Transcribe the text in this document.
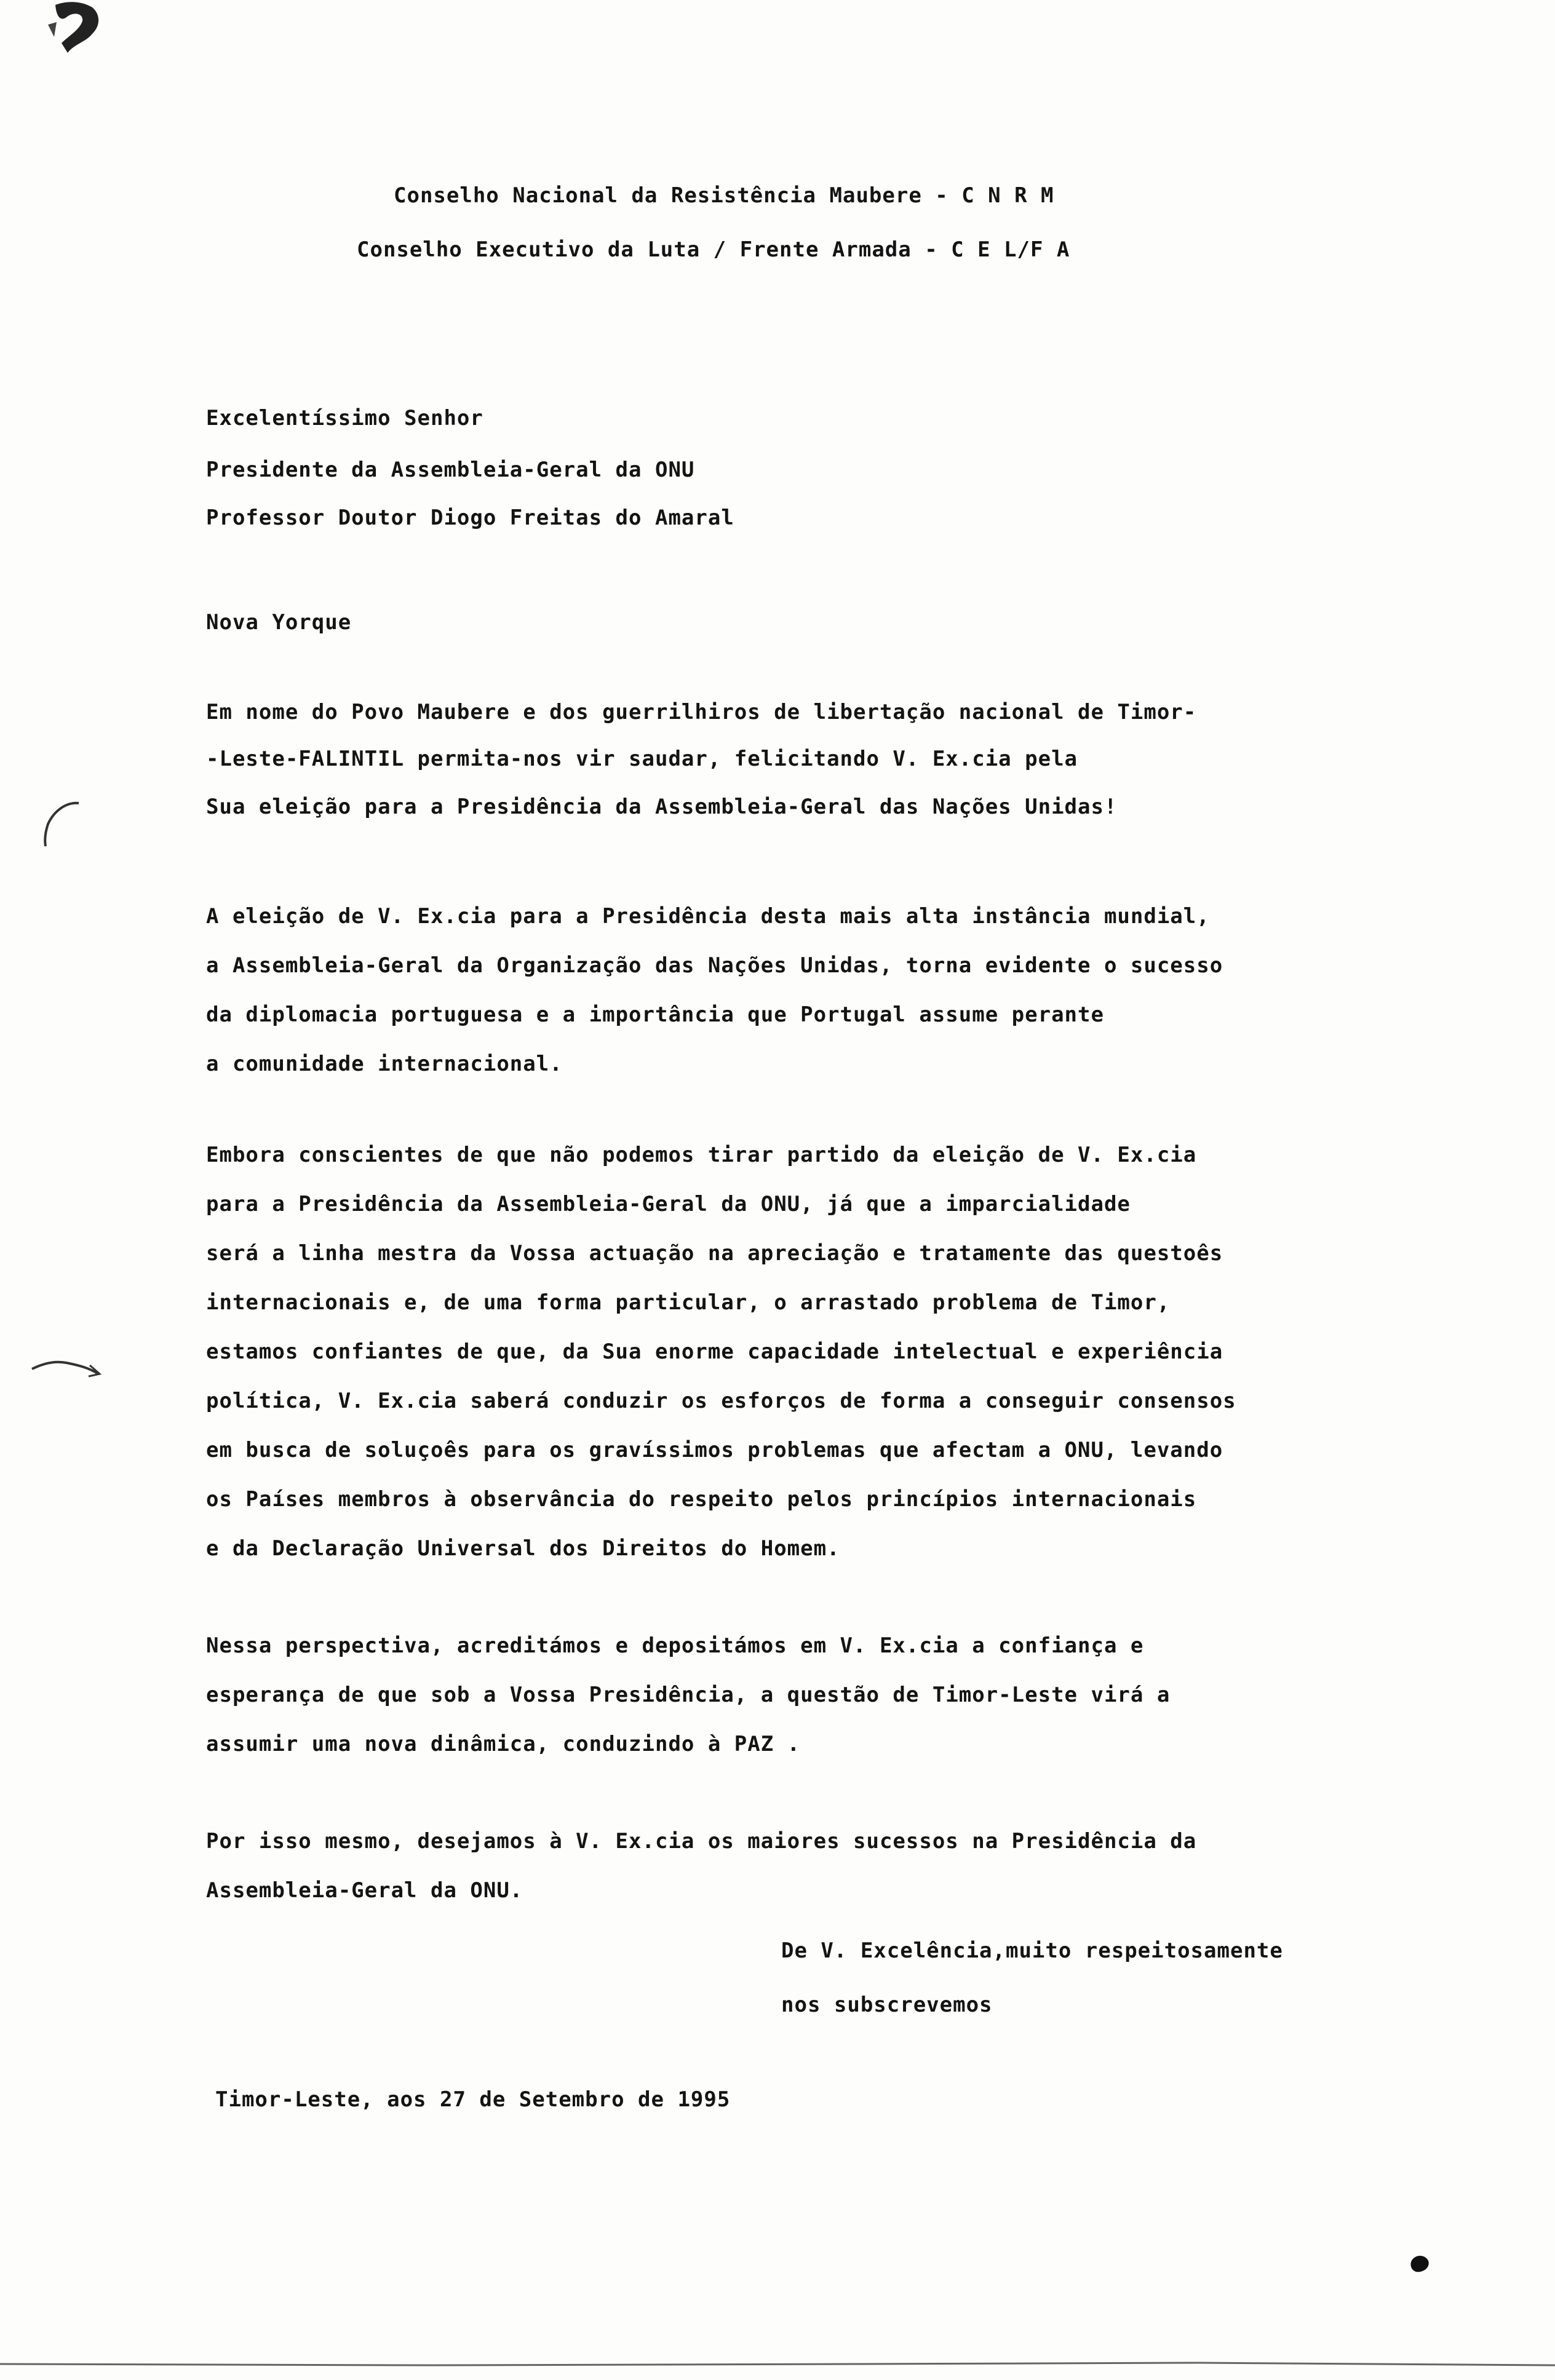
Conselho Nacional da Resistência Maubere - C N R M
Conselho Executivo da Luta / Frente Armada - C E L/F A
Excelentíssimo Senhor
Presidente da Assembleia-Geral da ONU
Professor Doutor Diogo Freitas do Amaral
Nova Yorque
Em nome do Povo Maubere e dos guerrilhiros de libertação nacional de Timor-
-Leste-FALINTIL permita-nos vir saudar, felicitando V. Ex.cia pela
Sua eleição para a Presidência da Assembleia-Geral das Nações Unidas!
A eleição de V. Ex.cia para a Presidência desta mais alta instância mundial,
a Assembleia-Geral da Organização das Nações Unidas, torna evidente o sucesso
da diplomacia portuguesa e a importância que Portugal assume perante
a comunidade internacional.
Embora conscientes de que não podemos tirar partido da eleição de V. Ex.cia
para a Presidência da Assembleia-Geral da ONU, já que a imparcialidade
será a linha mestra da Vossa actuação na apreciação e tratamente das questoês
internacionais e, de uma forma particular, o arrastado problema de Timor,
estamos confiantes de que, da Sua enorme capacidade intelectual e experiência
política, V. Ex.cia saberá conduzir os esforços de forma a conseguir consensos
em busca de soluçoês para os gravíssimos problemas que afectam a ONU, levando
os Países membros à observância do respeito pelos princípios internacionais
e da Declaração Universal dos Direitos do Homem.
Nessa perspectiva, acreditámos e depositámos em V. Ex.cia a confiança e
esperança de que sob a Vossa Presidência, a questão de Timor-Leste virá a
assumir uma nova dinâmica, conduzindo à PAZ .
Por isso mesmo, desejamos à V. Ex.cia os maiores sucessos na Presidência da
Assembleia-Geral da ONU.
De V. Excelência,muito respeitosamente
nos subscrevemos
Timor-Leste, aos 27 de Setembro de 1995
